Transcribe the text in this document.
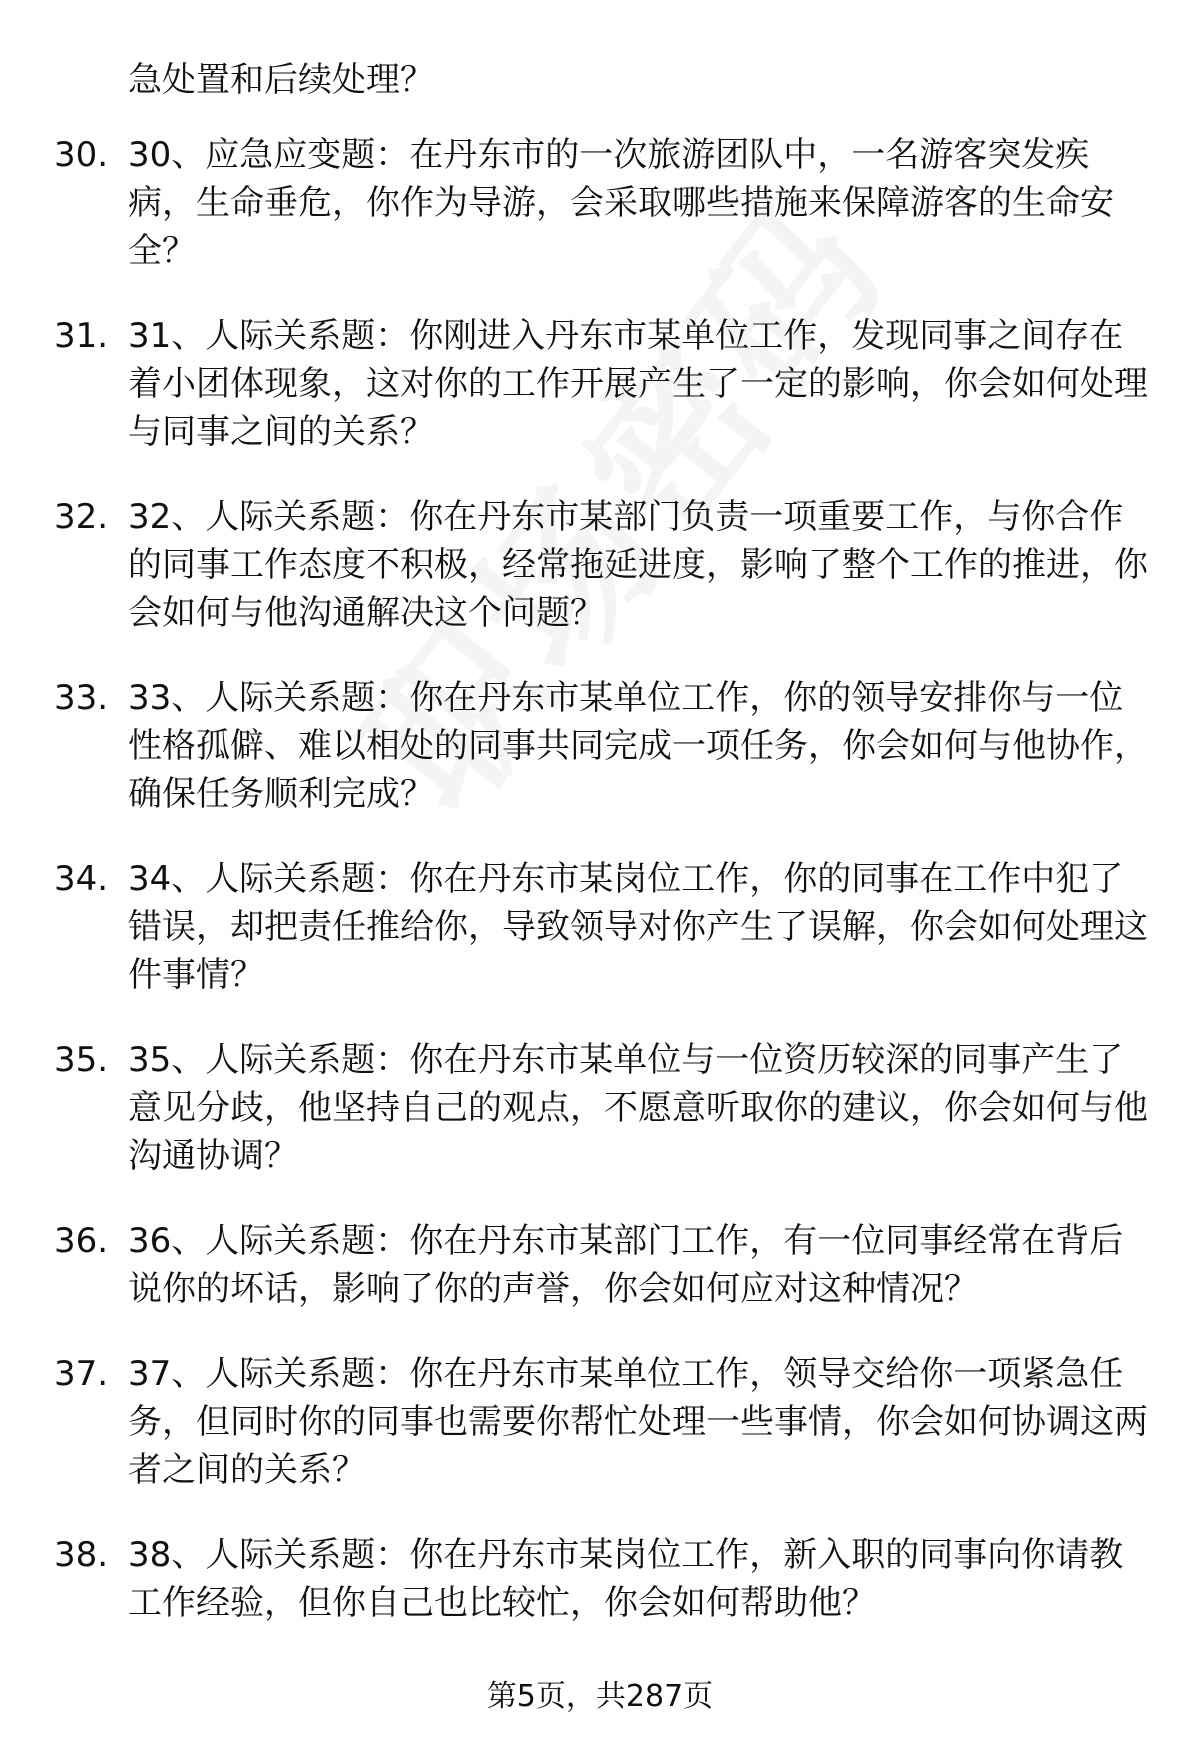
急处置和后续处理？
30. 30、应急应变题：在丹东市的一次旅游团队中，一名游客突发疾病，生命垂危，你作为导游，会采取哪些措施来保障游客的生命安全？
31. 31、人际关系题：你刚进入丹东市某单位工作，发现同事之间存在着小团体现象，这对你的工作开展产生了一定的影响，你会如何处理与同事之间的关系？
32. 32、人际关系题：你在丹东市某部门负责一项重要工作，与你合作的同事工作态度不积极，经常拖延进度，影响了整个工作的推进，你会如何与他沟通解决这个问题？
33. 33、人际关系题：你在丹东市某单位工作，你的领导安排你与一位性格孤僻、难以相处的同事共同完成一项任务，你会如何与他协作，确保任务顺利完成？
34. 34、人际关系题：你在丹东市某岗位工作，你的同事在工作中犯了错误，却把责任推给你，导致领导对你产生了误解，你会如何处理这件事情？
35. 35、人际关系题：你在丹东市某单位与一位资历较深的同事产生了意见分歧，他坚持自己的观点，不愿意听取你的建议，你会如何与他沟通协调？
36. 36、人际关系题：你在丹东市某部门工作，有一位同事经常在背后说你的坏话，影响了你的声誉，你会如何应对这种情况？
37. 37、人际关系题：你在丹东市某单位工作，领导交给你一项紧急任务，但同时你的同事也需要你帮忙处理一些事情，你会如何协调这两者之间的关系？
38. 38、人际关系题：你在丹东市某岗位工作，新入职的同事向你请教工作经验，但你自己也比较忙，你会如何帮助他？
第5页，共287页
